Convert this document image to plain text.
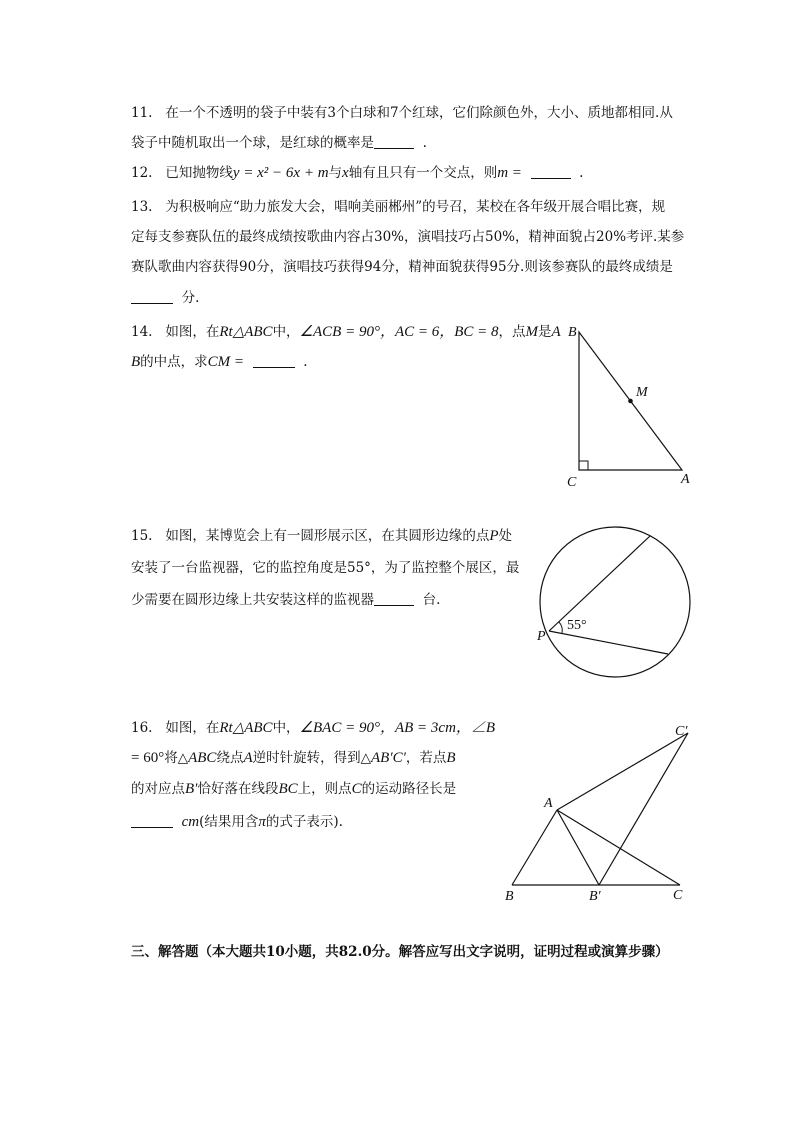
11. 在一个不透明的袋子中装有3个白球和7个红球，它们除颜色外，大小、质地都相同.从
袋子中随机取出一个球，是红球的概率是	.
12. 已知抛物线y = x² − 6x + m与x轴有且只有一个交点，则m =	.
13. 为积极响应“助力旅发大会，唱响美丽郴州”的号召，某校在各年级开展合唱比赛，规
定每支参赛队伍的最终成绩按歌曲内容占30%，演唱技巧占50%，精神面貌占20%考评.某参
赛队歌曲内容获得90分，演唱技巧获得94分，精神面貌获得95分.则该参赛队的最终成绩是
分.
14. 如图，在Rt△ABC中，∠ACB = 90°，AC = 6，BC = 8，点M是A
B的中点，求CM =	.
B
M
C	A
15. 如图，某博览会上有一圆形展示区，在其圆形边缘的点P处
安装了一台监视器，它的监控角度是55°，为了监控整个展区，最
少需要在圆形边缘上共安装这样的监视器	台.
P
55°
16. 如图，在Rt△ABC中，∠BAC = 90°，AB = 3cm，∠B
= 60°将△ABC绕点A逆时针旋转，得到△AB′C′，若点B
的对应点B′恰好落在线段BC上，则点C的运动路径长是
cm(结果用含π的式子表示).
C′
A
B	B′	C
三、解答题（本大题共10小题，共82.0分。解答应写出文字说明，证明过程或演算步骤）
